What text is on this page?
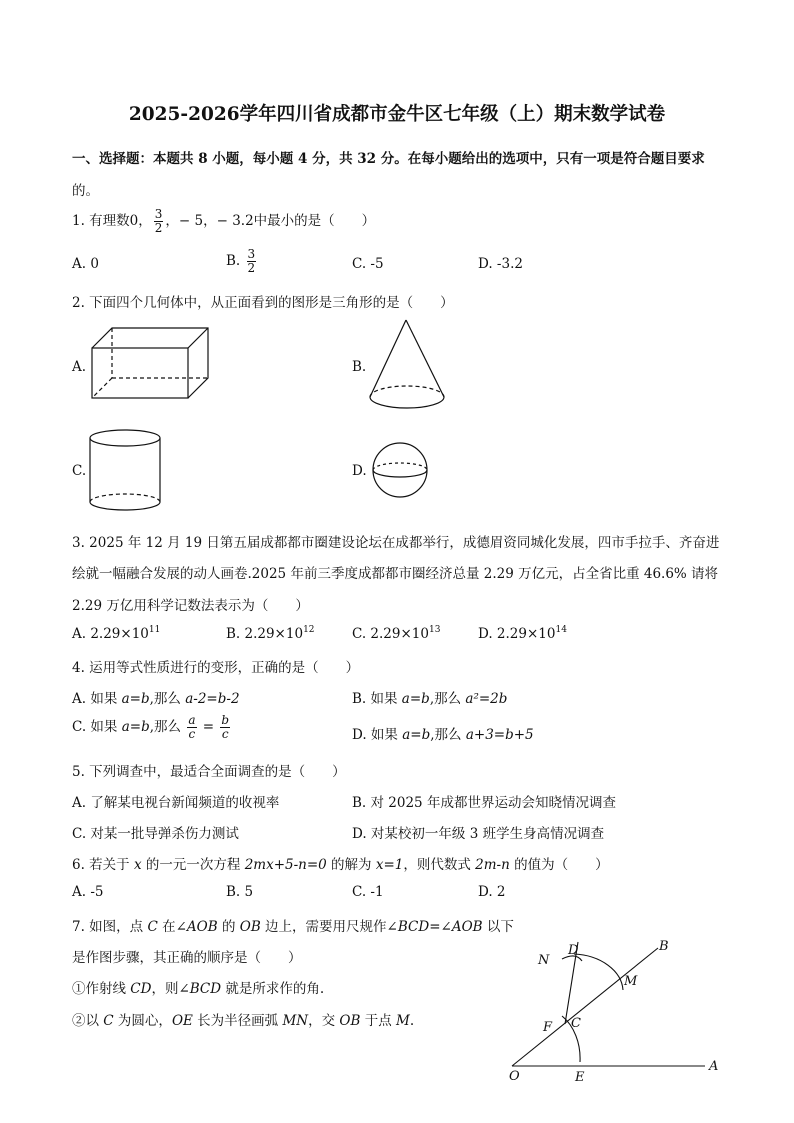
2025-2026学年四川省成都市金牛区七年级（上）期末数学试卷
一、选择题：本题共 8 小题，每小题 4 分，共 32 分。在每小题给出的选项中，只有一项是符合题目要求
的。
1. 有理数0， $\frac{3}{2}$ ，− 5，− 3.2中最小的是（　　）
A. 0	B. $\frac{3}{2}$	C. -5	D. -3.2
2. 下面四个几何体中，从正面看到的图形是三角形的是（　　）
A.	B.
C.	D.
3. 2025 年 12 月 19 日第五届成都都市圈建设论坛在成都举行，成德眉资同城化发展，四市手拉手、齐奋进
绘就一幅融合发展的动人画卷.2025 年前三季度成都都市圈经济总量 2.29 万亿元，占全省比重 46.6% 请将
2.29 万亿用科学记数法表示为（　　）
A. $2.29\times 10^{11}$	B. $2.29\times 10^{12}$	C. $2.29\times 10^{13}$	D. $2.29\times 10^{14}$
4. 运用等式性质进行的变形，正确的是（　　）
A. 如果 a=b,那么 a-2=b-2	B. 如果 a=b,那么 a²=2b
C. 如果 a=b,那么 $\frac{a}{c} = \frac{b}{c}$	D. 如果 a=b,那么 a+3=b+5
5. 下列调查中，最适合全面调查的是（　　）
A. 了解某电视台新闻频道的收视率	B. 对 2025 年成都世界运动会知晓情况调查
C. 对某一批导弹杀伤力测试	D. 对某校初一年级 3 班学生身高情况调查
6. 若关于 x 的一元一次方程 2mx+5-n=0 的解为 x=1，则代数式 2m-n 的值为（　　）
A. -5	B. 5	C. -1	D. 2
7. 如图，点 C 在∠AOB 的 OB 边上，需要用尺规作∠BCD=∠AOB 以下
是作图步骤，其正确的顺序是（　　）
①作射线 CD，则∠BCD 就是所求作的角.
②以 C 为圆心，OE 长为半径画弧 MN，交 OB 于点 M.
O
A
B
C
D
E
F
M
N
